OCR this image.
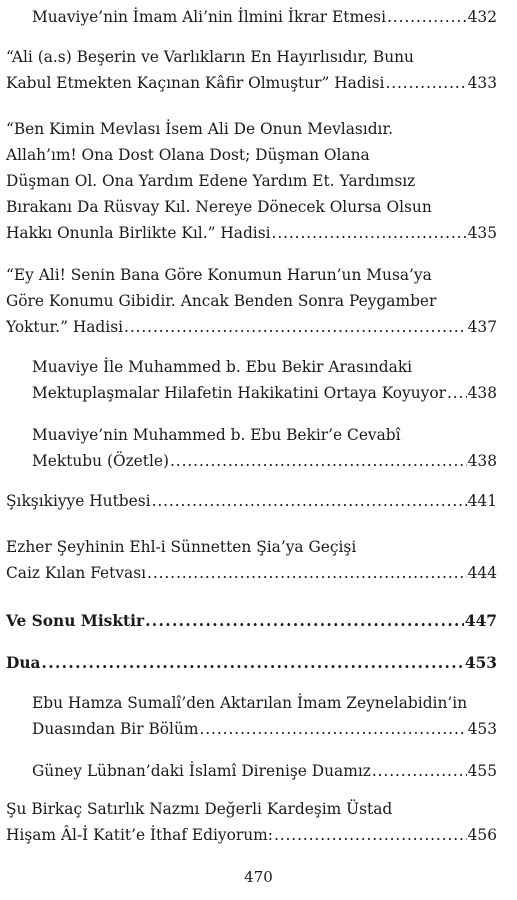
Muaviye’nin İmam Ali’nin İlmini İkrar Etmesi . . .	432
“Ali (a.s) Beşerin ve Varlıkların En Hayırlısıdır, Bunu
Kabul Etmekten Kaçınan Kâfir Olmuştur” Hadisi . . .	433
“Ben Kimin Mevlası İsem Ali De Onun Mevlasıdır.
Allah’ım! Ona Dost Olana Dost; Düşman Olana
Düşman Ol. Ona Yardım Edene Yardım Et. Yardımsız
Bırakanı Da Rüsvay Kıl. Nereye Dönecek Olursa Olsun
Hakkı Onunla Birlikte Kıl.” Hadisi . . .	435
“Ey Ali! Senin Bana Göre Konumun Harun’un Musa’ya
Göre Konumu Gibidir. Ancak Benden Sonra Peygamber
Yoktur.” Hadisi . . .	437
Muaviye İle Muhammed b. Ebu Bekir Arasındaki
Mektuplaşmalar Hilafetin Hakikatini Ortaya Koyuyor . . . 438
Muaviye’nin Muhammed b. Ebu Bekir’e Cevabî
Mektubu (Özetle) . . .	438
Şıkşıkiyye Hutbesi . . .	441
Ezher Şeyhinin Ehl-i Sünnetten Şia’ya Geçişi
Caiz Kılan Fetvası . . .	444
Ve Sonu Misktir . . .	447
Dua . . .	453
Ebu Hamza Sumalî’den Aktarılan İmam Zeynelabidin’in
Duasından Bir Bölüm . . .	453
Güney Lübnan’daki İslamî Direnişe Duamız . . .	455
Şu Birkaç Satırlık Nazmı Değerli Kardeşim Üstad
Hişam Âl-İ Katit’e İthaf Ediyorum: . . .	456
470
